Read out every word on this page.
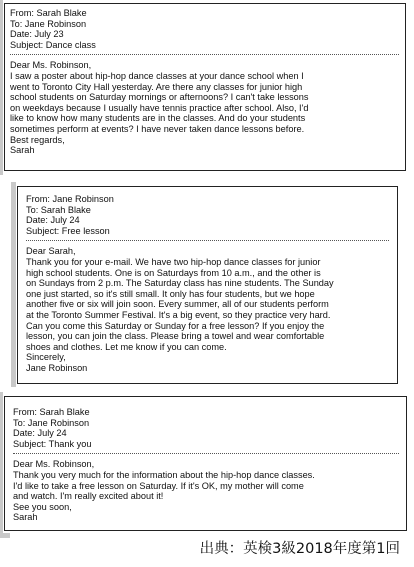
From: Sarah Blake
To: Jane Robinson
Date: July 23
Subject: Dance class
Dear Ms. Robinson,
I saw a poster about hip-hop dance classes at your dance school when I
went to Toronto City Hall yesterday. Are there any classes for junior high
school students on Saturday mornings or afternoons? I can't take lessons
on weekdays because I usually have tennis practice after school. Also, I'd
like to know how many students are in the classes. And do your students
sometimes perform at events? I have never taken dance lessons before.
Best regards,
Sarah
From: Jane Robinson
To: Sarah Blake
Date: July 24
Subject: Free lesson
Dear Sarah,
Thank you for your e-mail. We have two hip-hop dance classes for junior
high school students. One is on Saturdays from 10 a.m., and the other is
on Sundays from 2 p.m. The Saturday class has nine students. The Sunday
one just started, so it's still small. It only has four students, but we hope
another five or six will join soon. Every summer, all of our students perform
at the Toronto Summer Festival. It's a big event, so they practice very hard.
Can you come this Saturday or Sunday for a free lesson? If you enjoy the
lesson, you can join the class. Please bring a towel and wear comfortable
shoes and clothes. Let me know if you can come.
Sincerely,
Jane Robinson
From: Sarah Blake
To: Jane Robinson
Date: July 24
Subject: Thank you
Dear Ms. Robinson,
Thank you very much for the information about the hip-hop dance classes.
I'd like to take a free lesson on Saturday. If it's OK, my mother will come
and watch. I'm really excited about it!
See you soon,
Sarah
出典：英検3級2018年度第1回
